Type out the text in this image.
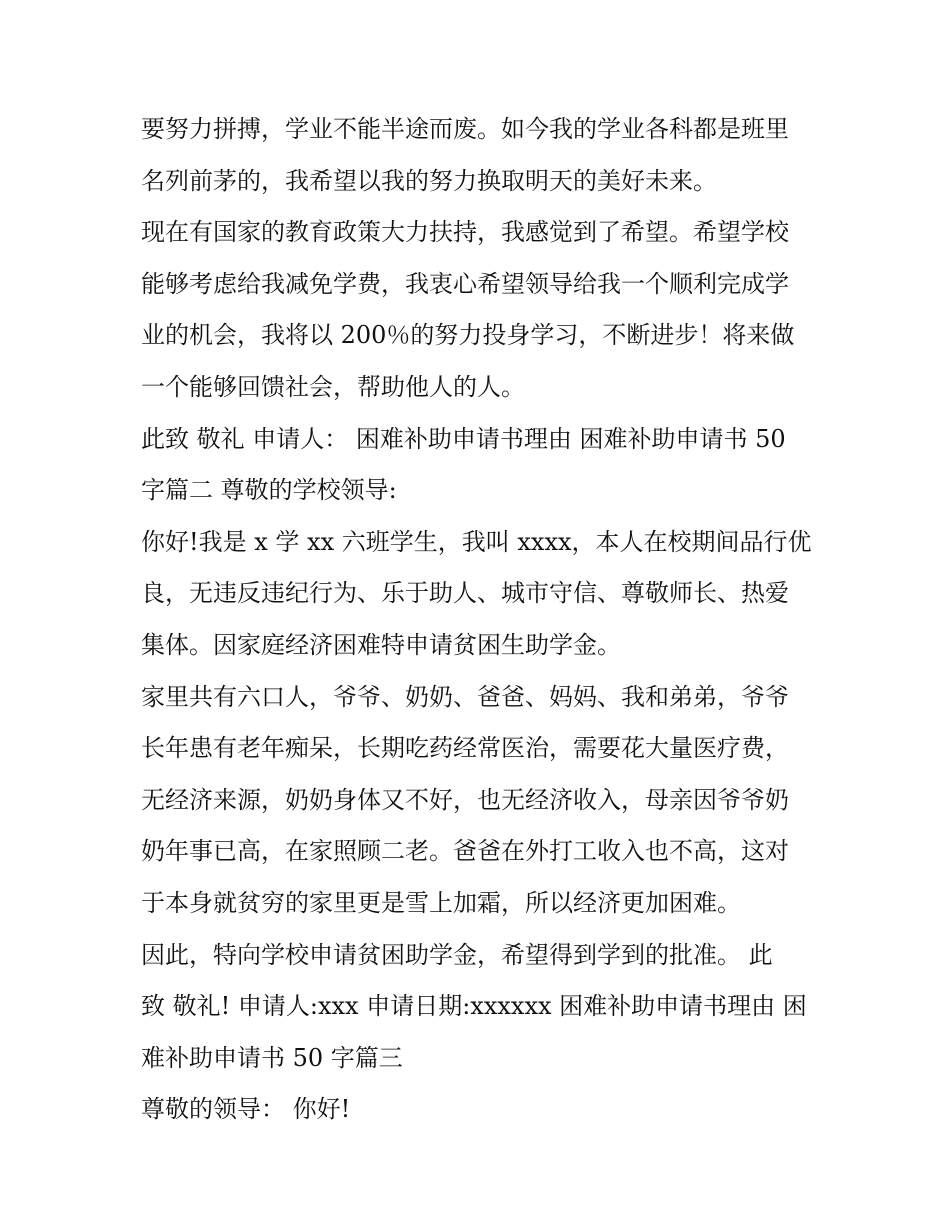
要努力拼搏，学业不能半途而废。如今我的学业各科都是班里
名列前茅的，我希望以我的努力换取明天的美好未来。
现在有国家的教育政策大力扶持，我感觉到了希望。希望学校
能够考虑给我减免学费，我衷心希望领导给我一个顺利完成学
业的机会，我将以 200％的努力投身学习，不断进步！将来做
一个能够回馈社会，帮助他人的人。
此致 敬礼 申请人： 困难补助申请书理由 困难补助申请书 50
字篇二 尊敬的学校领导:
你好!我是 x 学 xx 六班学生，我叫 xxxx，本人在校期间品行优
良，无违反违纪行为、乐于助人、城市守信、尊敬师长、热爱
集体。因家庭经济困难特申请贫困生助学金。
家里共有六口人，爷爷、奶奶、爸爸、妈妈、我和弟弟，爷爷
长年患有老年痴呆，长期吃药经常医治，需要花大量医疗费，
无经济来源，奶奶身体又不好，也无经济收入，母亲因爷爷奶
奶年事已高，在家照顾二老。爸爸在外打工收入也不高，这对
于本身就贫穷的家里更是雪上加霜，所以经济更加困难。
因此，特向学校申请贫困助学金，希望得到学到的批准。 此
致 敬礼! 申请人:xxx 申请日期:xxxxxx 困难补助申请书理由 困
难补助申请书 50 字篇三
尊敬的领导： 你好!
